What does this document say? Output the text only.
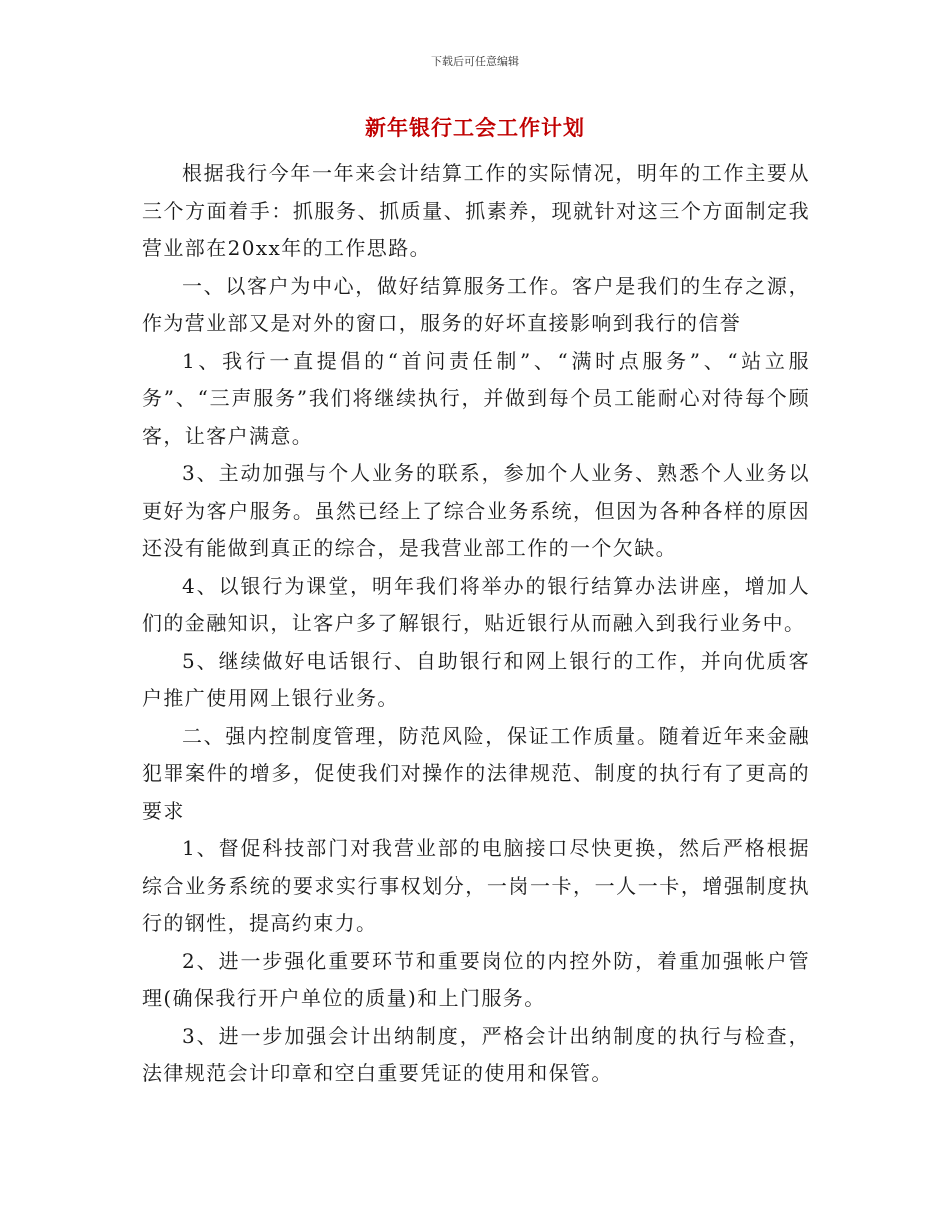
下载后可任意编辑
新年银行工会工作计划

根据我行今年一年来会计结算工作的实际情况，明年的工作主要从三个方面着手：抓服务、抓质量、抓素养，现就针对这三个方面制定我营业部在20xx年的工作思路。

一、以客户为中心，做好结算服务工作。客户是我们的生存之源，作为营业部又是对外的窗口，服务的好坏直接影响到我行的信誉

1、我行一直提倡的“首问责任制”、“满时点服务”、“站立服务”、“三声服务”我们将继续执行，并做到每个员工能耐心对待每个顾客，让客户满意。

3、主动加强与个人业务的联系，参加个人业务、熟悉个人业务以更好为客户服务。虽然已经上了综合业务系统，但因为各种各样的原因还没有能做到真正的综合，是我营业部工作的一个欠缺。

4、以银行为课堂，明年我们将举办的银行结算办法讲座，增加人们的金融知识，让客户多了解银行，贴近银行从而融入到我行业务中。

5、继续做好电话银行、自助银行和网上银行的工作，并向优质客户推广使用网上银行业务。

二、强内控制度管理，防范风险，保证工作质量。随着近年来金融犯罪案件的增多，促使我们对操作的法律规范、制度的执行有了更高的要求

1、督促科技部门对我营业部的电脑接口尽快更换，然后严格根据综合业务系统的要求实行事权划分，一岗一卡，一人一卡，增强制度执行的钢性，提高约束力。

2、进一步强化重要环节和重要岗位的内控外防，着重加强帐户管理(确保我行开户单位的质量)和上门服务。

3、进一步加强会计出纳制度，严格会计出纳制度的执行与检查，法律规范会计印章和空白重要凭证的使用和保管。
